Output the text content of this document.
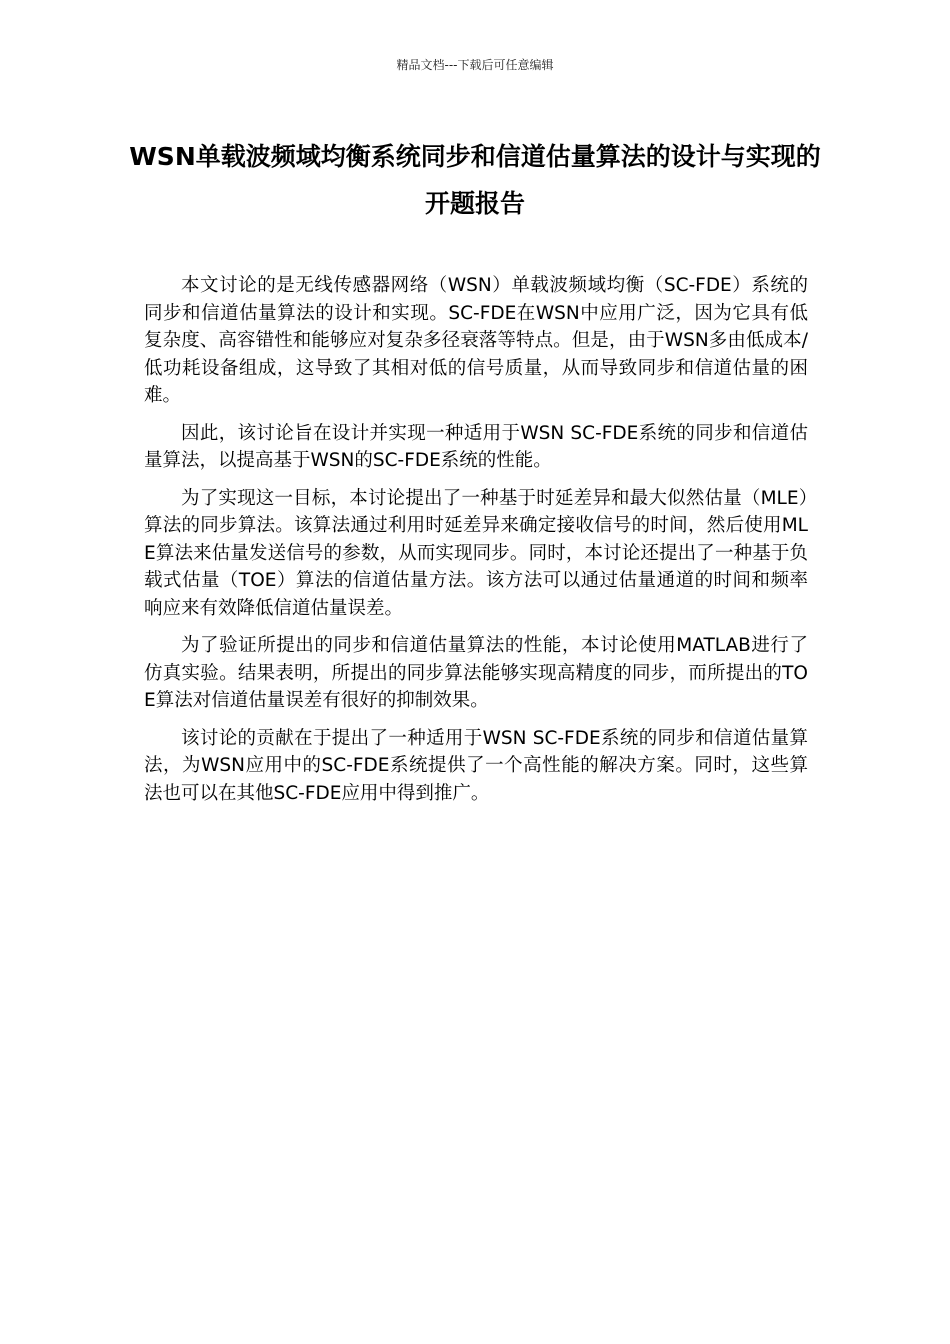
精品文档---下载后可任意编辑
WSN单载波频域均衡系统同步和信道估量算法的设计与实现的开题报告

本文讨论的是无线传感器网络（WSN）单载波频域均衡（SC-FDE）系统的同步和信道估量算法的设计和实现。SC-FDE在WSN中应用广泛，因为它具有低复杂度、高容错性和能够应对复杂多径衰落等特点。但是，由于WSN多由低成本/低功耗设备组成，这导致了其相对低的信号质量，从而导致同步和信道估量的困难。

因此，该讨论旨在设计并实现一种适用于WSN SC-FDE系统的同步和信道估量算法，以提高基于WSN的SC-FDE系统的性能。

为了实现这一目标，本讨论提出了一种基于时延差异和最大似然估量（MLE）算法的同步算法。该算法通过利用时延差异来确定接收信号的时间，然后使用MLE算法来估量发送信号的参数，从而实现同步。同时，本讨论还提出了一种基于负载式估量（TOE）算法的信道估量方法。该方法可以通过估量通道的时间和频率响应来有效降低信道估量误差。

为了验证所提出的同步和信道估量算法的性能，本讨论使用MATLAB进行了仿真实验。结果表明，所提出的同步算法能够实现高精度的同步，而所提出的TOE算法对信道估量误差有很好的抑制效果。

该讨论的贡献在于提出了一种适用于WSN SC-FDE系统的同步和信道估量算法，为WSN应用中的SC-FDE系统提供了一个高性能的解决方案。同时，这些算法也可以在其他SC-FDE应用中得到推广。
